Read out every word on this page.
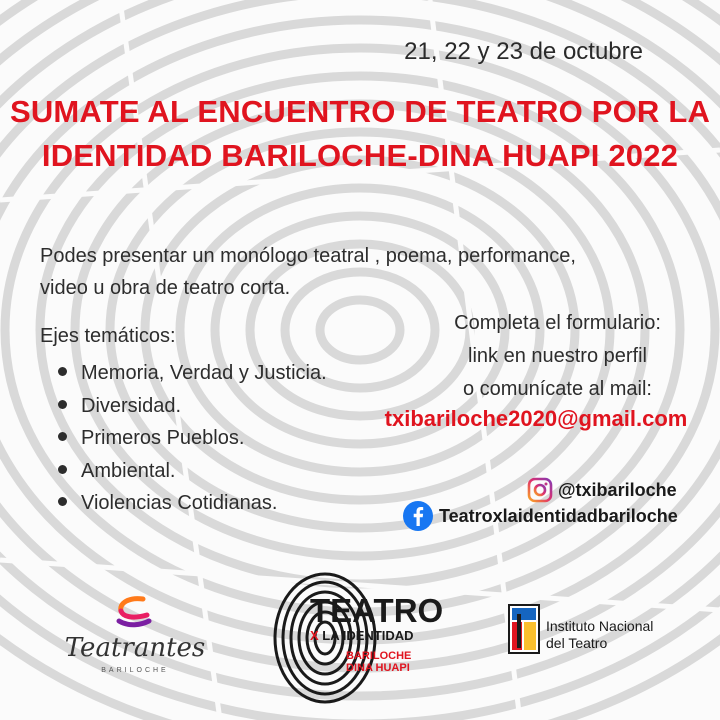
21, 22 y 23 de octubre
SUMATE AL ENCUENTRO DE TEATRO POR LA
IDENTIDAD BARILOCHE-DINA HUAPI 2022
Podes presentar un monólogo teatral , poema, performance,
video u obra de teatro corta.
Ejes temáticos:
Memoria, Verdad y Justicia.
Diversidad.
Primeros Pueblos.
Ambiental.
Violencias Cotidianas.
Completa el formulario:
link en nuestro perfil
o comunícate al mail:
txibariloche2020@gmail.com
@txibariloche
Teatroxlaidentidadbariloche
Teatrantes
BARILOCHE
TEATRO
X LA IDENTIDAD
BARILOCHE
DINA HUAPI
Instituto Nacional
del Teatro
